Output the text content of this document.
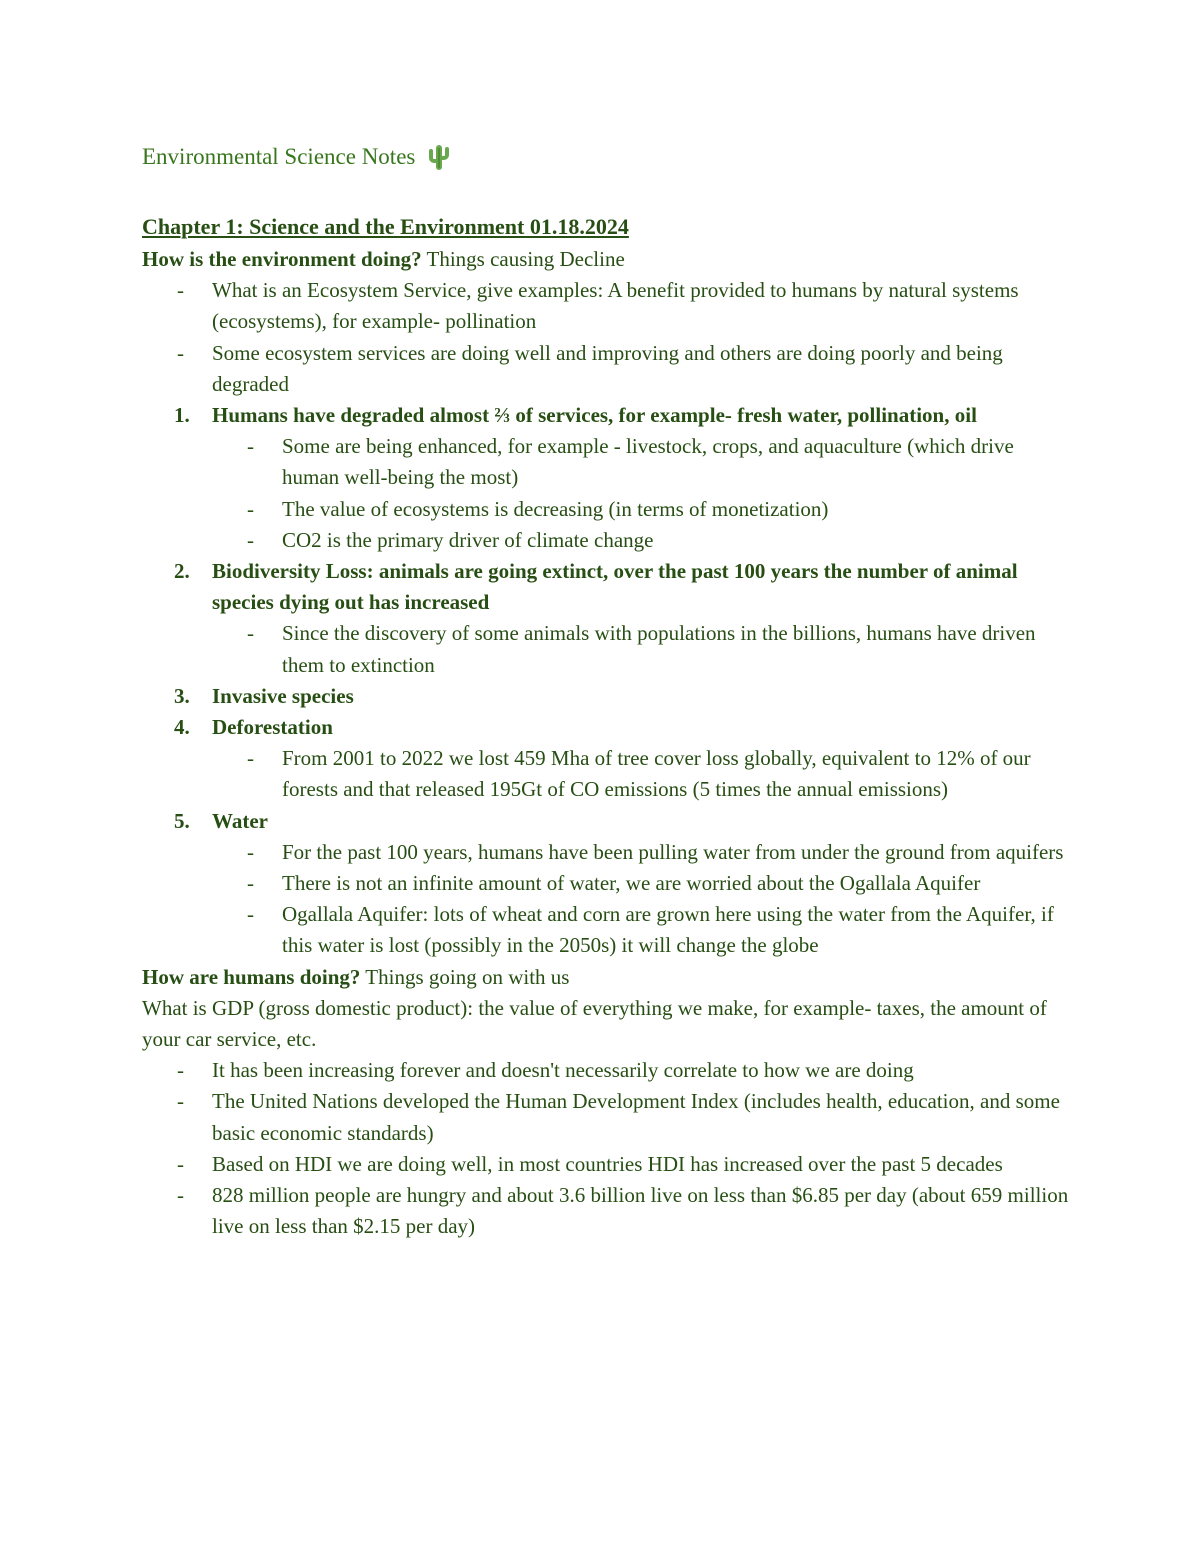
Environmental Science Notes
Chapter 1: Science and the Environment 01.18.2024

How is the environment doing? Things causing Decline

- What is an Ecosystem Service, give examples: A benefit provided to humans by natural systems (ecosystems), for example- pollination
- Some ecosystem services are doing well and improving and others are doing poorly and being degraded
1. Humans have degraded almost ⅔ of services, for example- fresh water, pollination, oil
- Some are being enhanced, for example - livestock, crops, and aquaculture (which drive human well-being the most)
- The value of ecosystems is decreasing (in terms of monetization)
- CO2 is the primary driver of climate change
2. Biodiversity Loss: animals are going extinct, over the past 100 years the number of animal species dying out has increased
- Since the discovery of some animals with populations in the billions, humans have driven them to extinction
3. Invasive species
4. Deforestation
- From 2001 to 2022 we lost 459 Mha of tree cover loss globally, equivalent to 12% of our forests and that released 195Gt of CO emissions (5 times the annual emissions)
5. Water
- For the past 100 years, humans have been pulling water from under the ground from aquifers
- There is not an infinite amount of water, we are worried about the Ogallala Aquifer
- Ogallala Aquifer: lots of wheat and corn are grown here using the water from the Aquifer, if this water is lost (possibly in the 2050s) it will change the globe

How are humans doing? Things going on with us

What is GDP (gross domestic product): the value of everything we make, for example- taxes, the amount of your car service, etc.

- It has been increasing forever and doesn't necessarily correlate to how we are doing
- The United Nations developed the Human Development Index (includes health, education, and some basic economic standards)
- Based on HDI we are doing well, in most countries HDI has increased over the past 5 decades
- 828 million people are hungry and about 3.6 billion live on less than $6.85 per day (about 659 million live on less than $2.15 per day)
